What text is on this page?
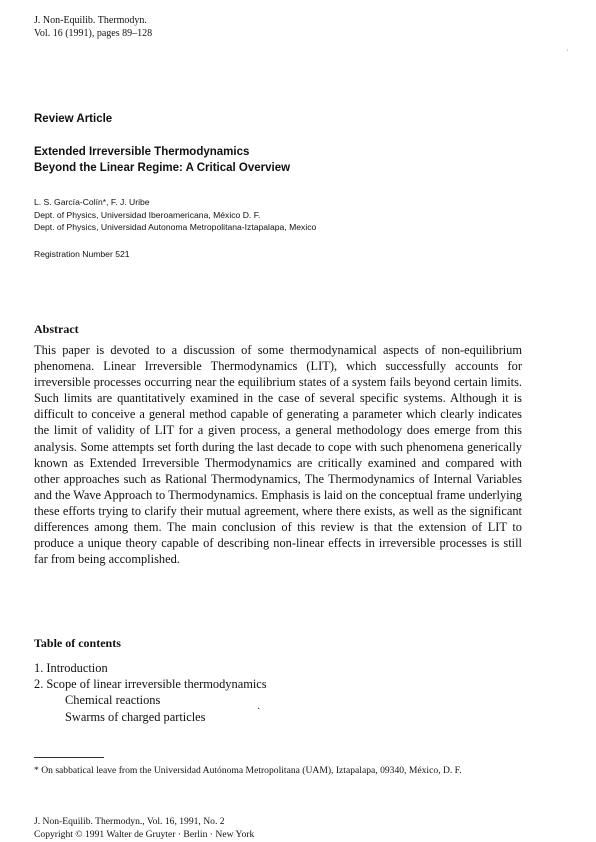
J. Non-Equilib. Thermodyn.
Vol. 16 (1991), pages 89–128
,
Review Article
Extended Irreversible Thermodynamics
Beyond the Linear Regime: A Critical Overview
L. S. García-Colín*, F. J. Uribe
Dept. of Physics, Universidad Iberoamericana, México D. F.
Dept. of Physics, Universidad Autonoma Metropolitana-Iztapalapa, Mexico
Registration Number 521
Abstract
This paper is devoted to a discussion of some thermodynamical aspects of non-equilibrium phenomena. Linear Irreversible Thermodynamics (LIT), which successfully accounts for irreversible processes occurring near the equilibrium states of a system fails beyond certain limits. Such limits are quantitatively examined in the case of several specific systems. Although it is difficult to conceive a general method capable of generating a parameter which clearly indicates the limit of validity of LIT for a given process, a general methodology does emerge from this analysis. Some attempts set forth during the last decade to cope with such phenomena generically known as Extended Irreversible Thermodynamics are critically examined and compared with other approaches such as Rational Thermodynamics, The Thermodynamics of Internal Variables and the Wave Approach to Thermodynamics. Emphasis is laid on the conceptual frame underlying these efforts trying to clarify their mutual agreement, where there exists, as well as the significant differences among them. The main conclusion of this review is that the extension of LIT to produce a unique theory capable of describing non-linear effects in irreversible processes is still far from being accomplished.
Table of contents
1. Introduction
2. Scope of linear irreversible thermodynamics
Chemical reactions
Swarms of charged particles
·
* On sabbatical leave from the Universidad Autónoma Metropolitana (UAM), Iztapalapa, 09340, México, D. F.
J. Non-Equilib. Thermodyn., Vol. 16, 1991, No. 2
Copyright © 1991 Walter de Gruyter · Berlin · New York
